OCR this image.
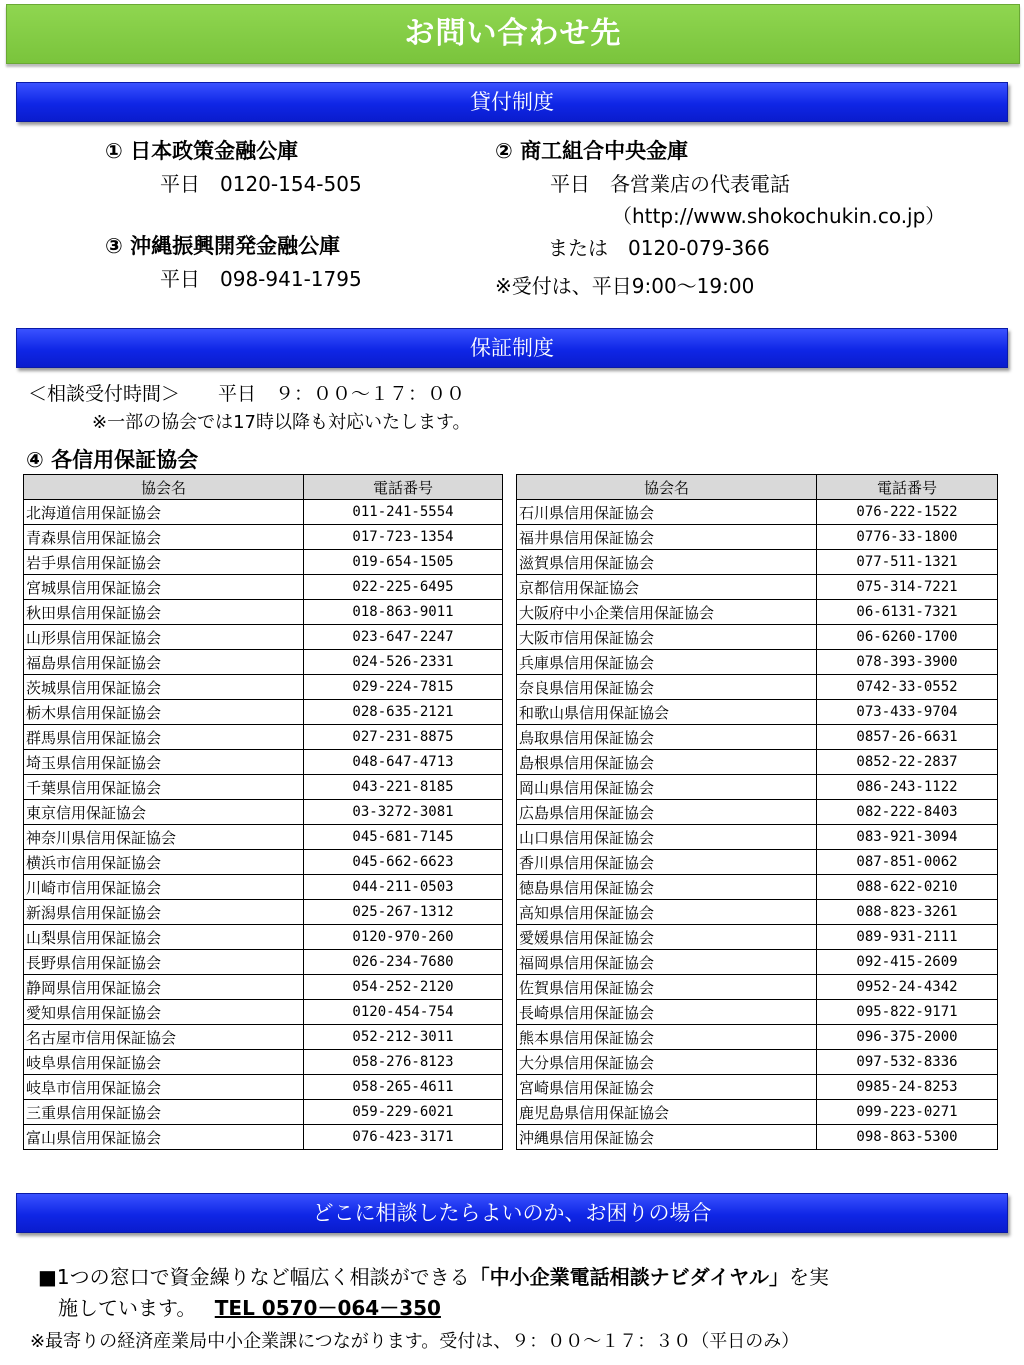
お問い合わせ先
貸付制度
① 日本政策金融公庫
平日　0120-154-505
② 商工組合中央金庫
平日　各営業店の代表電話
（http://www.shokochukin.co.jp）
または　0120-079-366
※受付は、平日9:00～19:00
③ 沖縄振興開発金融公庫
平日　098-941-1795
保証制度
＜相談受付時間＞　　平日　９：００～１７：００
※一部の協会では17時以降も対応いたします。
④ 各信用保証協会
協会名	電話番号
北海道信用保証協会	011-241-5554
青森県信用保証協会	017-723-1354
岩手県信用保証協会	019-654-1505
宮城県信用保証協会	022-225-6495
秋田県信用保証協会	018-863-9011
山形県信用保証協会	023-647-2247
福島県信用保証協会	024-526-2331
茨城県信用保証協会	029-224-7815
栃木県信用保証協会	028-635-2121
群馬県信用保証協会	027-231-8875
埼玉県信用保証協会	048-647-4713
千葉県信用保証協会	043-221-8185
東京信用保証協会	03-3272-3081
神奈川県信用保証協会	045-681-7145
横浜市信用保証協会	045-662-6623
川崎市信用保証協会	044-211-0503
新潟県信用保証協会	025-267-1312
山梨県信用保証協会	0120-970-260
長野県信用保証協会	026-234-7680
静岡県信用保証協会	054-252-2120
愛知県信用保証協会	0120-454-754
名古屋市信用保証協会	052-212-3011
岐阜県信用保証協会	058-276-8123
岐阜市信用保証協会	058-265-4611
三重県信用保証協会	059-229-6021
富山県信用保証協会	076-423-3171
協会名	電話番号
石川県信用保証協会	076-222-1522
福井県信用保証協会	0776-33-1800
滋賀県信用保証協会	077-511-1321
京都信用保証協会	075-314-7221
大阪府中小企業信用保証協会	06-6131-7321
大阪市信用保証協会	06-6260-1700
兵庫県信用保証協会	078-393-3900
奈良県信用保証協会	0742-33-0552
和歌山県信用保証協会	073-433-9704
鳥取県信用保証協会	0857-26-6631
島根県信用保証協会	0852-22-2837
岡山県信用保証協会	086-243-1122
広島県信用保証協会	082-222-8403
山口県信用保証協会	083-921-3094
香川県信用保証協会	087-851-0062
徳島県信用保証協会	088-622-0210
高知県信用保証協会	088-823-3261
愛媛県信用保証協会	089-931-2111
福岡県信用保証協会	092-415-2609
佐賀県信用保証協会	0952-24-4342
長崎県信用保証協会	095-822-9171
熊本県信用保証協会	096-375-2000
大分県信用保証協会	097-532-8336
宮崎県信用保証協会	0985-24-8253
鹿児島県信用保証協会	099-223-0271
沖縄県信用保証協会	098-863-5300
どこに相談したらよいのか、お困りの場合
■1つの窓口で資金繰りなど幅広く相談ができる「中小企業電話相談ナビダイヤル」を実
施しています。 TEL 0570－064－350
※最寄りの経済産業局中小企業課につながります。受付は、９：００～１７：３０（平日のみ）
